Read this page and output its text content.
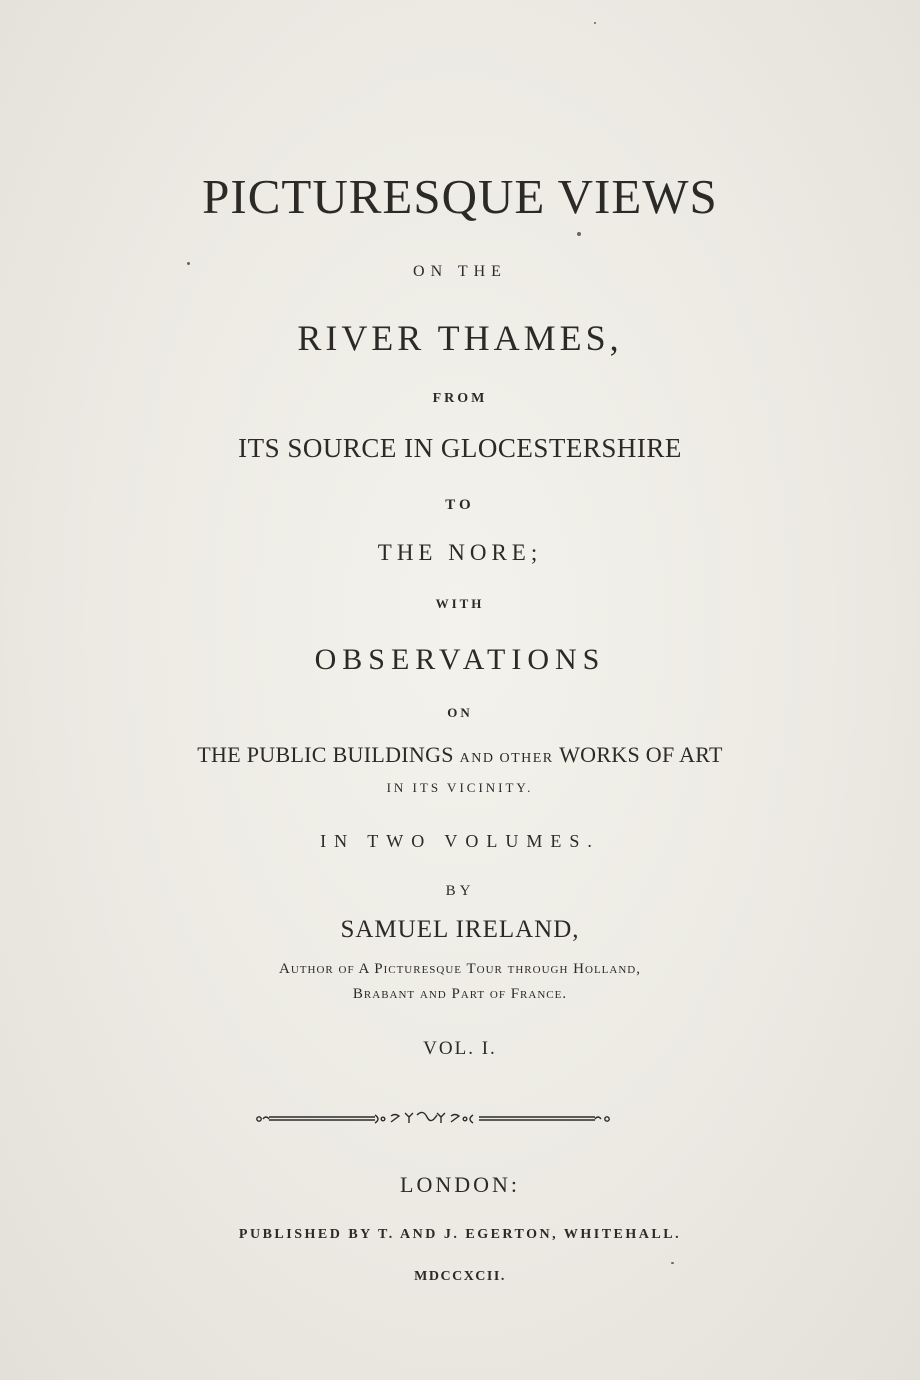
PICTURESQUE VIEWS
ON THE
RIVER THAMES,
FROM
ITS SOURCE IN GLOCESTERSHIRE
TO
THE NORE;
WITH
OBSERVATIONS
ON
THE PUBLIC BUILDINGS AND OTHER WORKS OF ART
IN ITS VICINITY.
IN TWO VOLUMES.
BY
SAMUEL IRELAND,
Author of A Picturesque Tour through Holland,
Brabant and Part of France.
VOL. I.
LONDON:
PUBLISHED BY T. AND J. EGERTON, WHITEHALL.
MDCCXCII.
